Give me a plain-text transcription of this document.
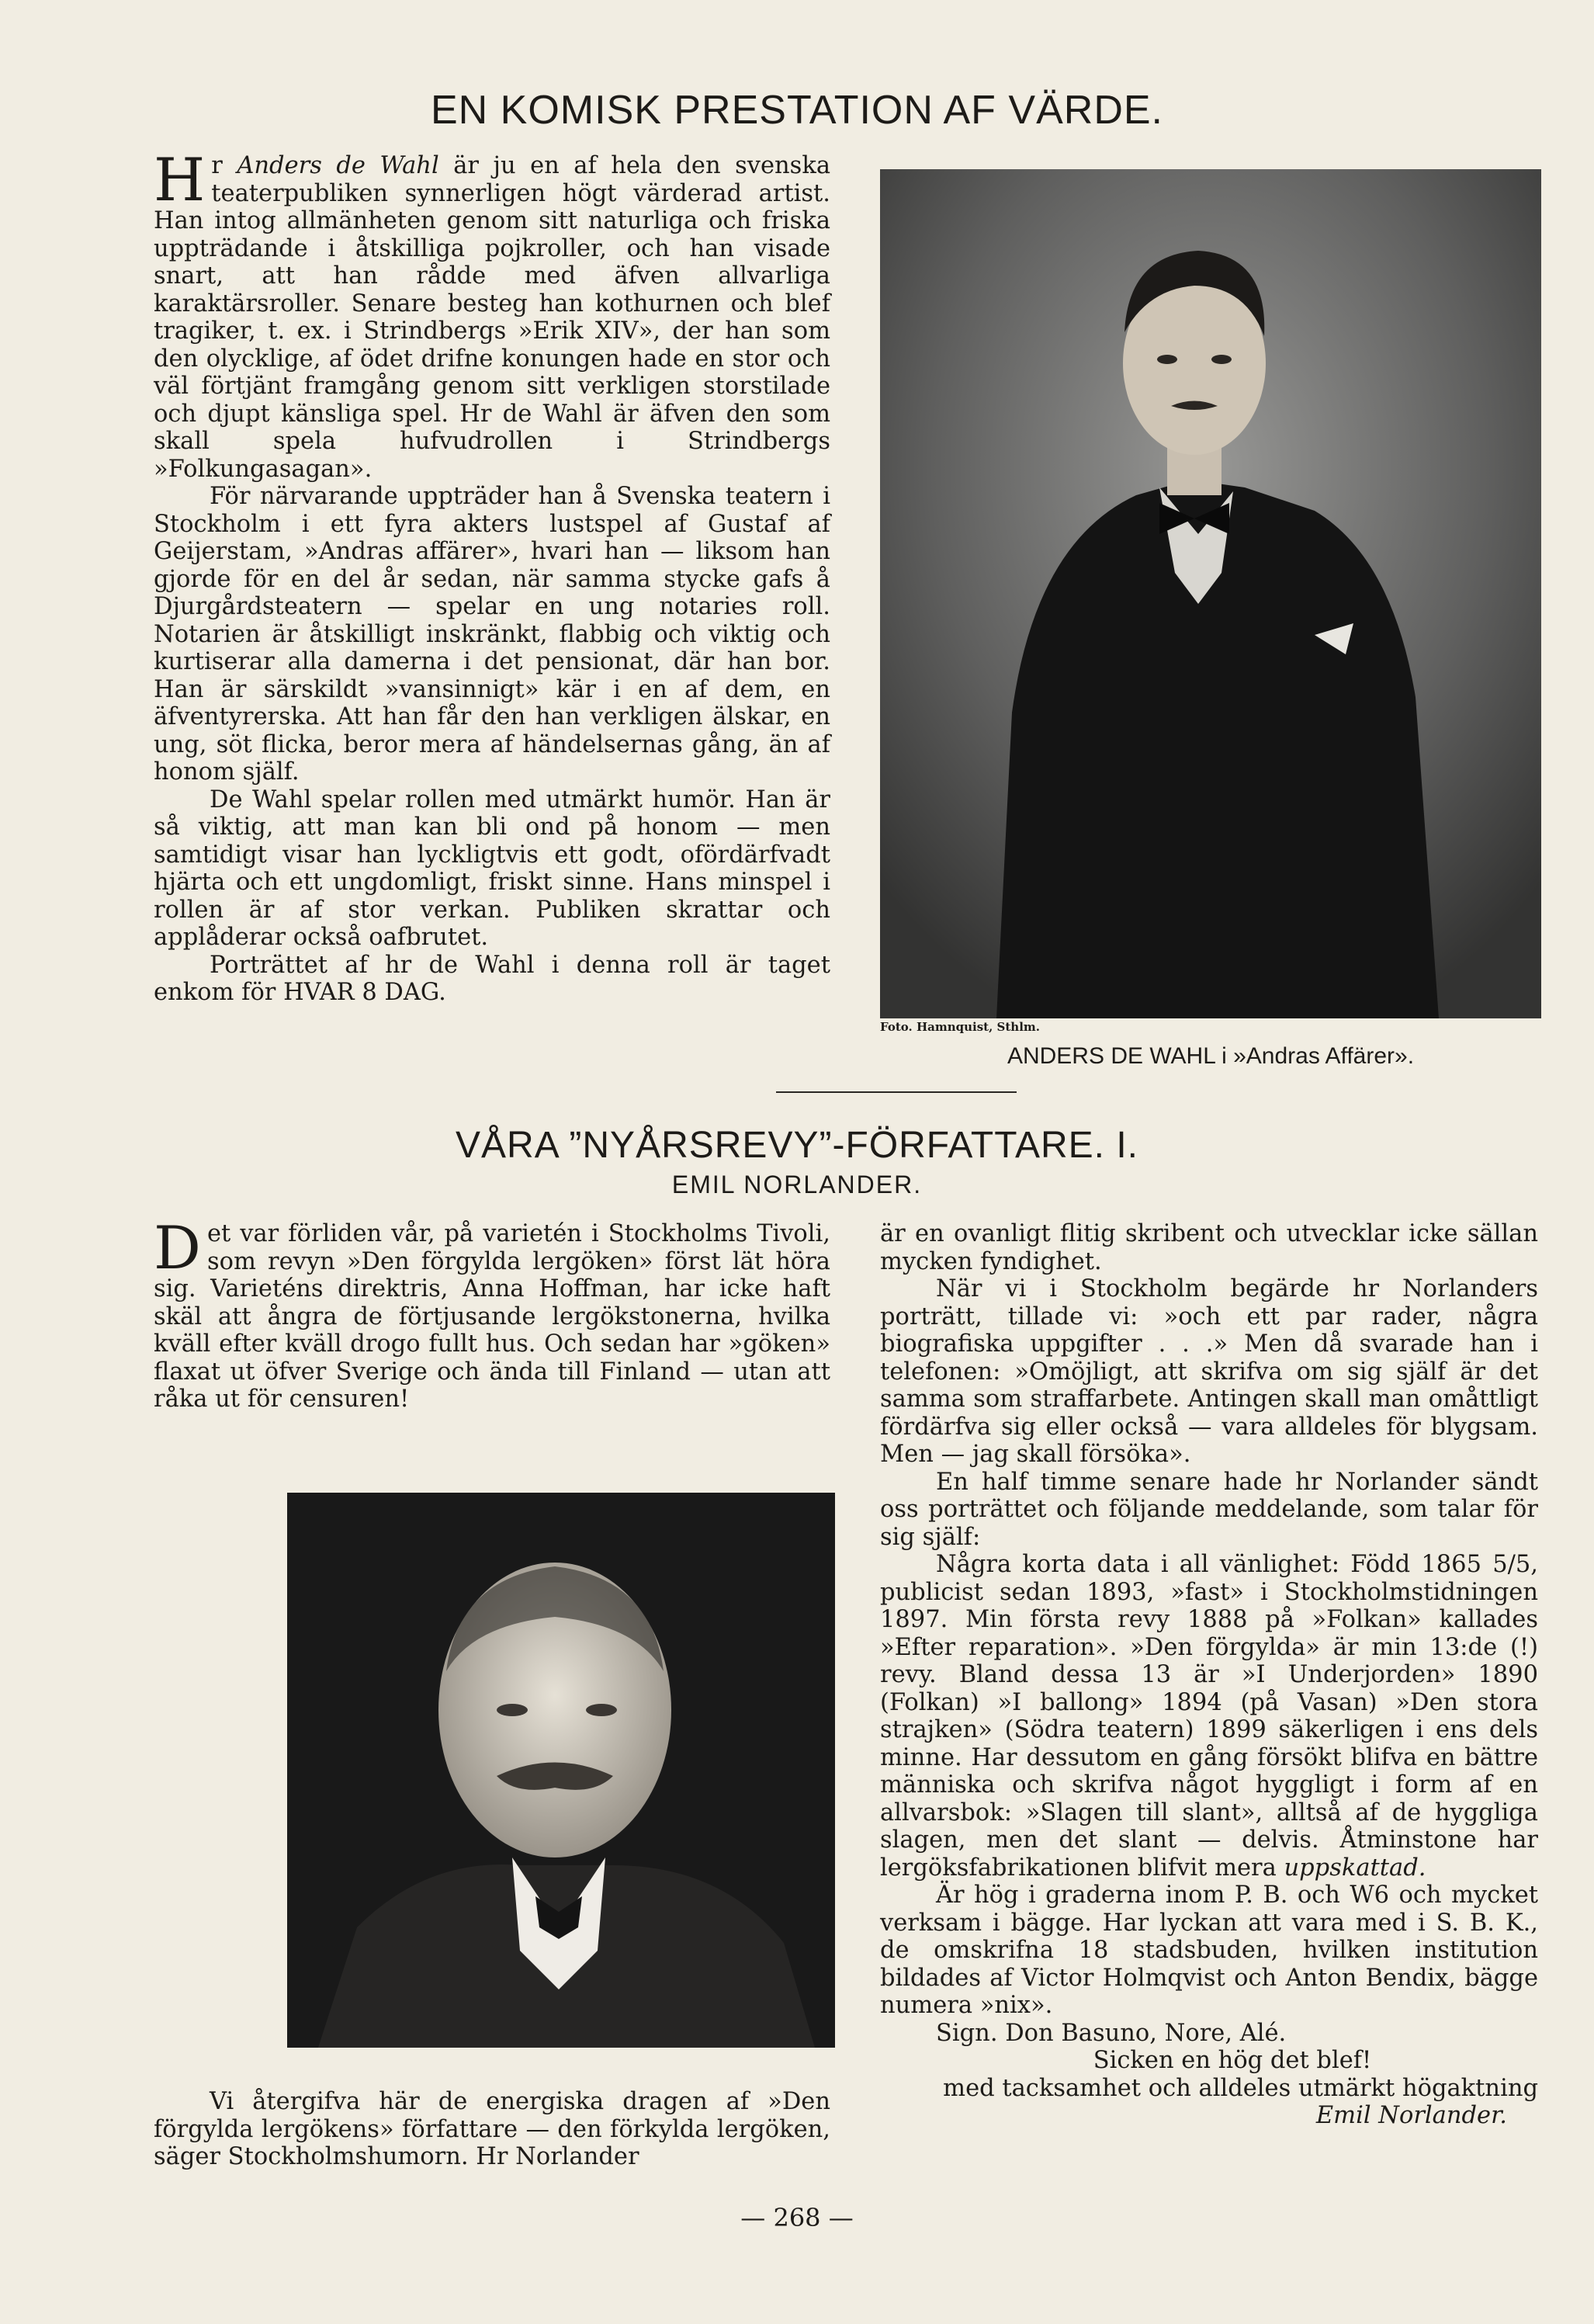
EN KOMISK PRESTATION AF VÄRDE.

Hr Anders de Wahl är ju en af hela den svenska teaterpubliken synnerligen högt värderad artist. Han intog allmänheten genom sitt naturliga och friska uppträdande i åtskilliga pojkroller, och han visade snart, att han rådde med äfven allvarliga karaktärsroller. Senare besteg han kothurnen och blef tragiker, t. ex. i Strindbergs »Erik XIV», der han som den olycklige, af ödet drifne konungen hade en stor och väl förtjänt framgång genom sitt verkligen storstilade och djupt känsliga spel. Hr de Wahl är äfven den som skall spela hufvudrollen i Strindbergs »Folkungasagan».

För närvarande uppträder han å Svenska teatern i Stockholm i ett fyra akters lustspel af Gustaf af Geijerstam, »Andras affärer», hvari han — liksom han gjorde för en del år sedan, när samma stycke gafs å Djurgårdsteatern — spelar en ung notaries roll. Notarien är åtskilligt inskränkt, flabbig och viktig och kurtiserar alla damerna i det pensionat, där han bor. Han är särskildt »vansinnigt» kär i en af dem, en äfventyrerska. Att han får den han verkligen älskar, en ung, söt flicka, beror mera af händelsernas gång, än af honom själf.

De Wahl spelar rollen med utmärkt humör. Han är så viktig, att man kan bli ond på honom — men samtidigt visar han lyckligtvis ett godt, ofördärfvadt hjärta och ett ungdomligt, friskt sinne. Hans minspel i rollen är af stor verkan. Publiken skrattar och applåderar också oafbrutet.

Porträttet af hr de Wahl i denna roll är taget enkom för HVAR 8 DAG.

Foto. Hamnquist, Sthlm.
ANDERS DE WAHL i »Andras Affärer».
VÅRA ”NYÅRSREVY”-FÖRFATTARE. I.
EMIL NORLANDER.

Det var förliden vår, på varietén i Stockholms Tivoli, som revyn »Den förgylda lergöken» först lät höra sig. Varieténs direktris, Anna Hoffman, har icke haft skäl att ångra de förtjusande lergökstonerna, hvilka kväll efter kväll drogo fullt hus. Och sedan har »göken» flaxat ut öfver Sverige och ända till Finland — utan att råka ut för censuren!

Vi återgifva här de energiska dragen af »Den förgylda lergökens» författare — den förkylda lergöken, säger Stockholmshumorn. Hr Norlander

är en ovanligt flitig skribent och utvecklar icke sällan mycken fyndighet.

När vi i Stockholm begärde hr Norlanders porträtt, tillade vi: »och ett par rader, några biografiska uppgifter . . .» Men då svarade han i telefonen: »Omöjligt, att skrifva om sig själf är det samma som straffarbete. Antingen skall man omåttligt fördärfva sig eller också — vara alldeles för blygsam. Men — jag skall försöka».

En half timme senare hade hr Norlander sändt oss porträttet och följande meddelande, som talar för sig själf:

Några korta data i all vänlighet: Född 1865 5/5, publicist sedan 1893, »fast» i Stockholmstidningen 1897. Min första revy 1888 på »Folkan» kallades »Efter reparation». »Den förgylda» är min 13:de (!) revy. Bland dessa 13 är »I Underjorden» 1890 (Folkan) »I ballong» 1894 (på Vasan) »Den stora strajken» (Södra teatern) 1899 säkerligen i ens dels minne. Har dessutom en gång försökt blifva en bättre människa och skrifva något hyggligt i form af en allvarsbok: »Slagen till slant», alltså af de hyggliga slagen, men det slant — delvis. Åtminstone har lergöksfabrikationen blifvit mera uppskattad.

Är hög i graderna inom P. B. och W6 och mycket verksam i bägge. Har lyckan att vara med i S. B. K., de omskrifna 18 stadsbuden, hvilken institution bildades af Victor Holmqvist och Anton Bendix, bägge numera »nix».

Sign. Don Basuno, Nore, Alé.

Sicken en hög det blef!

med tacksamhet och alldeles utmärkt högaktning

Emil Norlander.

— 268 —
